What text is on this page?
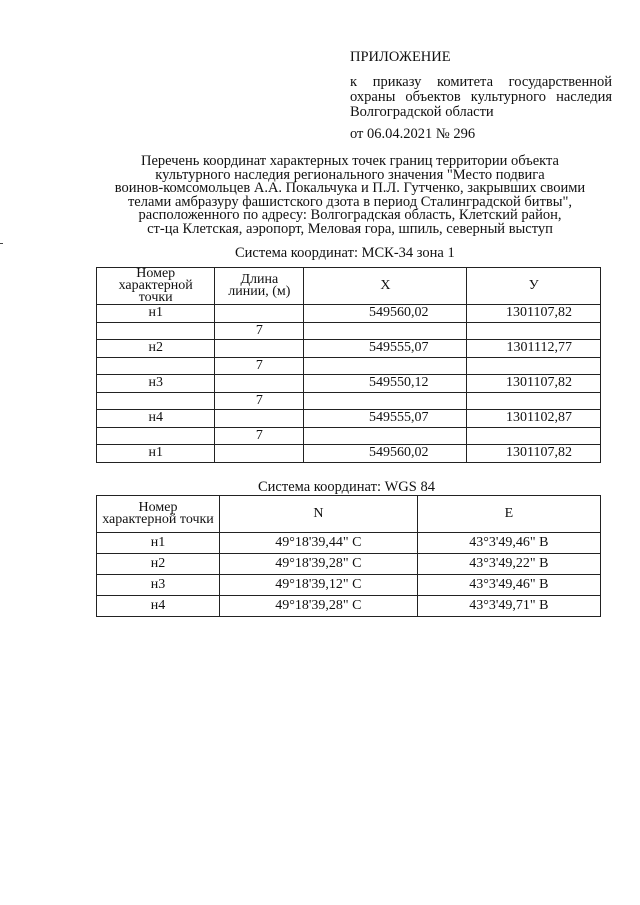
ПРИЛОЖЕНИЕ
к приказу комитета государственной охраны объектов культурного наследия Волгоградской области
от 06.04.2021 № 296
Перечень координат характерных точек границ территории объекта
культурного наследия регионального значения "Место подвига
воинов-комсомольцев А.А. Покальчука и П.Л. Гутченко, закрывших своими
телами амбразуру фашистского дзота в период Сталинградской битвы",
расположенного по адресу: Волгоградская область, Клетский район,
ст-ца Клетская, аэропорт, Меловая гора, шпиль, северный выступ
Система координат: МСК-34 зона 1
Номер характерной точки	Длина линии, (м)	Х	У
н1		549560,02	1301107,82
	7		
н2		549555,07	1301112,77
	7		
н3		549550,12	1301107,82
	7		
н4		549555,07	1301102,87
	7		
н1		549560,02	1301107,82
Система координат: WGS 84
Номер характерной точки	N	E
н1	49°18'39,44" С	43°3'49,46" В
н2	49°18'39,28" С	43°3'49,22" В
н3	49°18'39,12" С	43°3'49,46" В
н4	49°18'39,28" С	43°3'49,71" В
